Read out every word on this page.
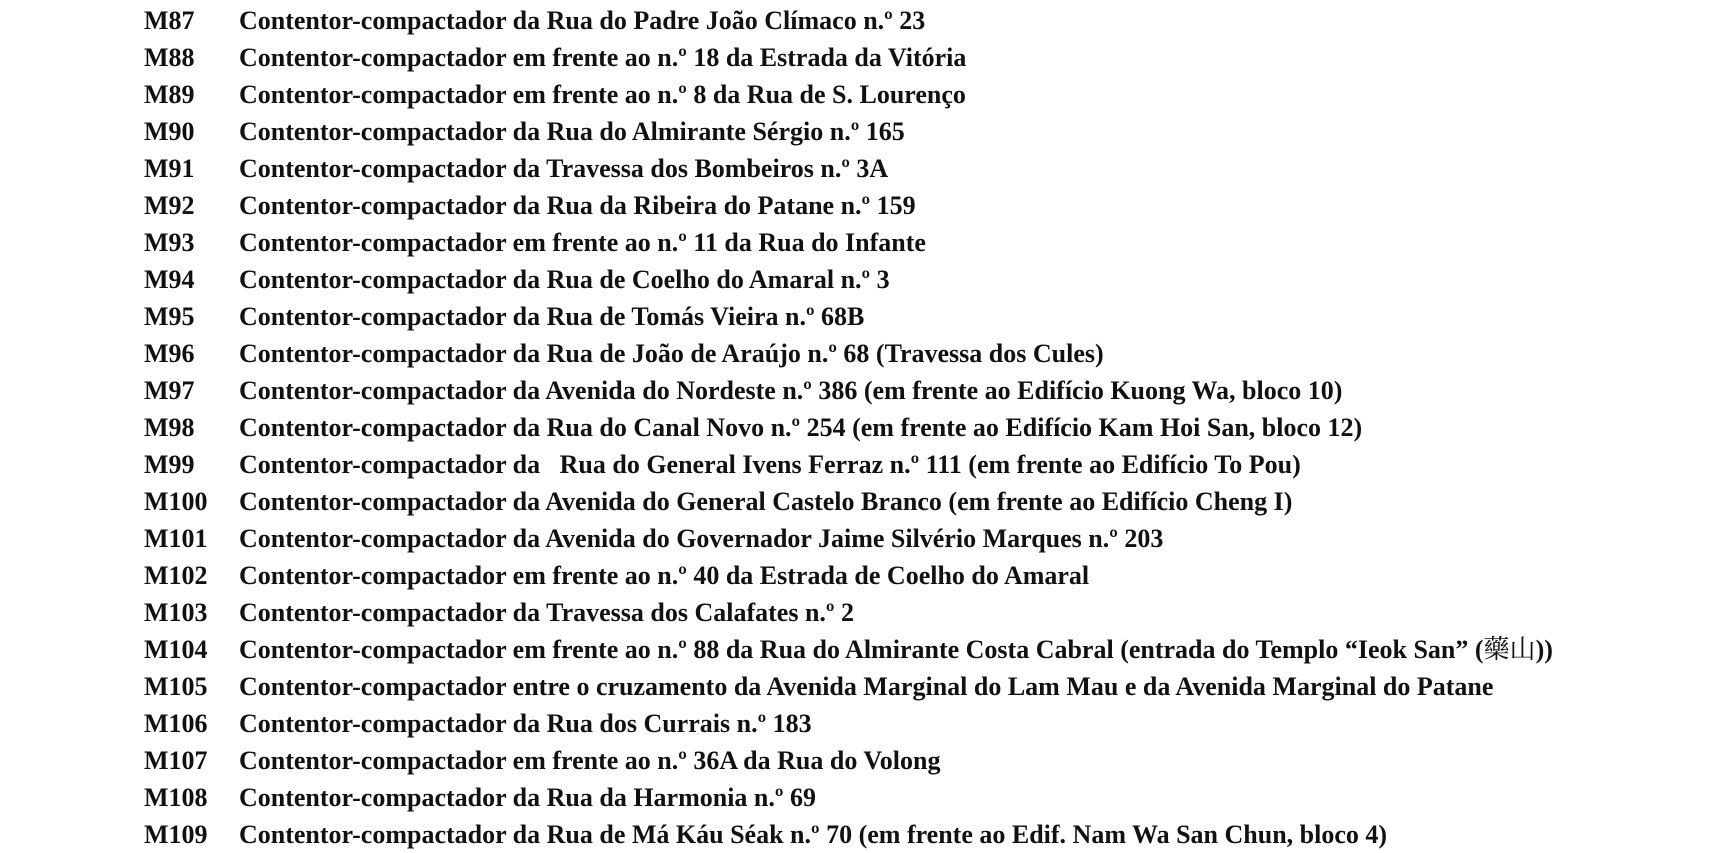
M87 Contentor-compactador da Rua do Padre João Clímaco n.º 23
M88 Contentor-compactador em frente ao n.º 18 da Estrada da Vitória
M89 Contentor-compactador em frente ao n.º 8 da Rua de S. Lourenço
M90 Contentor-compactador da Rua do Almirante Sérgio n.º 165
M91 Contentor-compactador da Travessa dos Bombeiros n.º 3A
M92 Contentor-compactador da Rua da Ribeira do Patane n.º 159
M93 Contentor-compactador em frente ao n.º 11 da Rua do Infante
M94 Contentor-compactador da Rua de Coelho do Amaral n.º 3
M95 Contentor-compactador da Rua de Tomás Vieira n.º 68B
M96 Contentor-compactador da Rua de João de Araújo n.º 68 (Travessa dos Cules)
M97 Contentor-compactador da Avenida do Nordeste n.º 386 (em frente ao Edifício Kuong Wa, bloco 10)
M98 Contentor-compactador da Rua do Canal Novo n.º 254 (em frente ao Edifício Kam Hoi San, bloco 12)
M99 Contentor-compactador da   Rua do General Ivens Ferraz n.º 111 (em frente ao Edifício To Pou)
M100 Contentor-compactador da Avenida do General Castelo Branco (em frente ao Edifício Cheng I)
M101 Contentor-compactador da Avenida do Governador Jaime Silvério Marques n.º 203
M102 Contentor-compactador em frente ao n.º 40 da Estrada de Coelho do Amaral
M103 Contentor-compactador da Travessa dos Calafates n.º 2
M104 Contentor-compactador em frente ao n.º 88 da Rua do Almirante Costa Cabral (entrada do Templo “Ieok San” (藥山))
M105 Contentor-compactador entre o cruzamento da Avenida Marginal do Lam Mau e da Avenida Marginal do Patane
M106 Contentor-compactador da Rua dos Currais n.º 183
M107 Contentor-compactador em frente ao n.º 36A da Rua do Volong
M108 Contentor-compactador da Rua da Harmonia n.º 69
M109 Contentor-compactador da Rua de Má Káu Séak n.º 70 (em frente ao Edif. Nam Wa San Chun, bloco 4)
